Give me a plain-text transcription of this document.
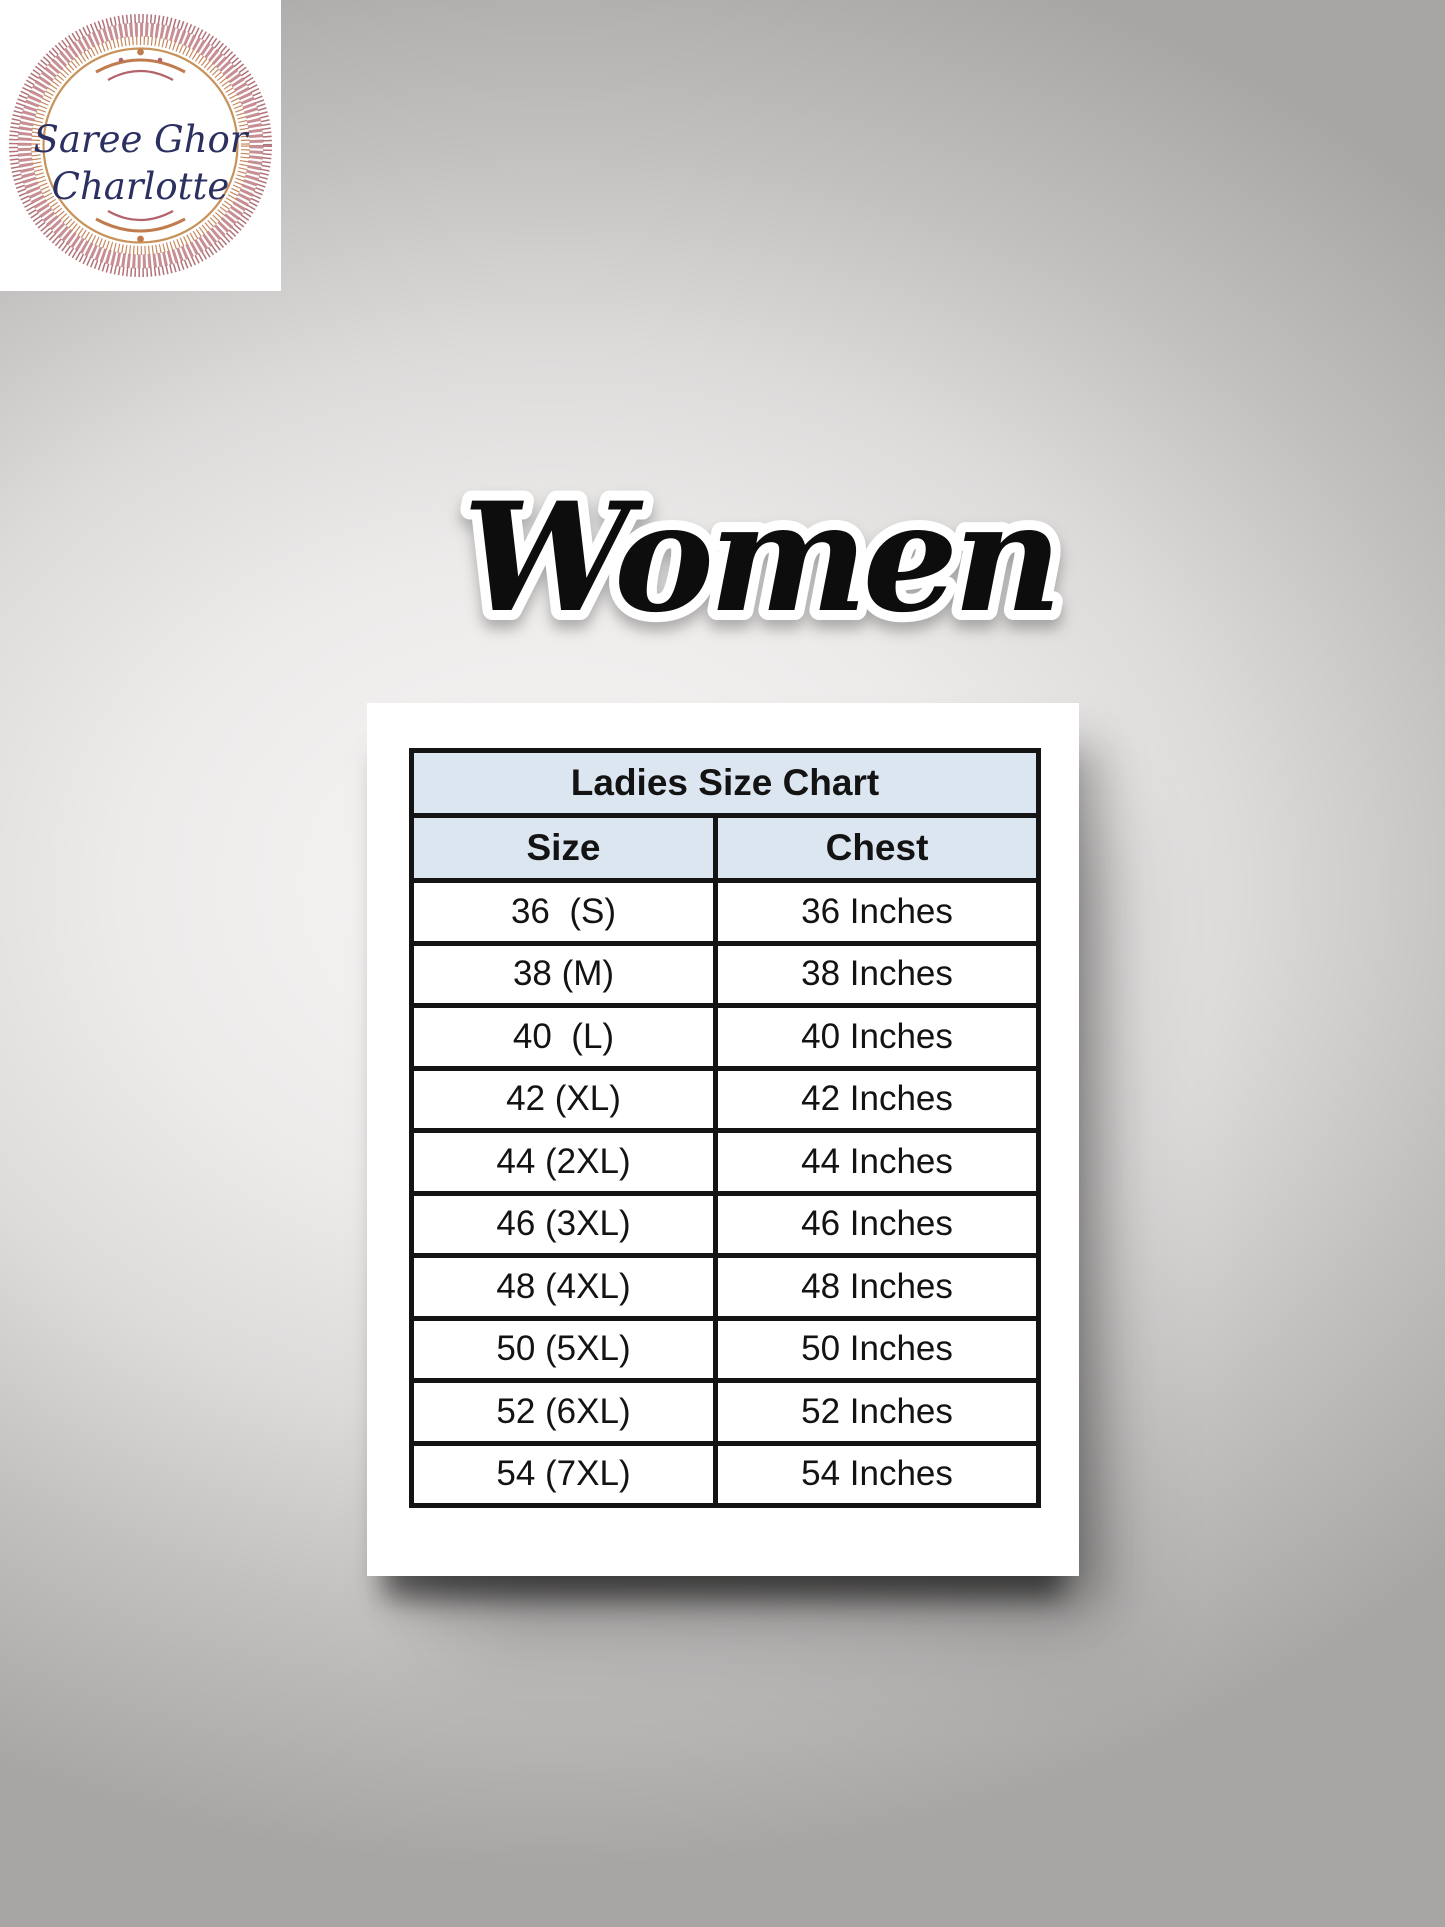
Saree Ghor
Charlotte
Women
Ladies Size Chart	
Size	Chest
36  (S)	36 Inches
38 (M)	38 Inches
40  (L)	40 Inches
42 (XL)	42 Inches
44 (2XL)	44 Inches
46 (3XL)	46 Inches
48 (4XL)	48 Inches
50 (5XL)	50 Inches
52 (6XL)	52 Inches
54 (7XL)	54 Inches
